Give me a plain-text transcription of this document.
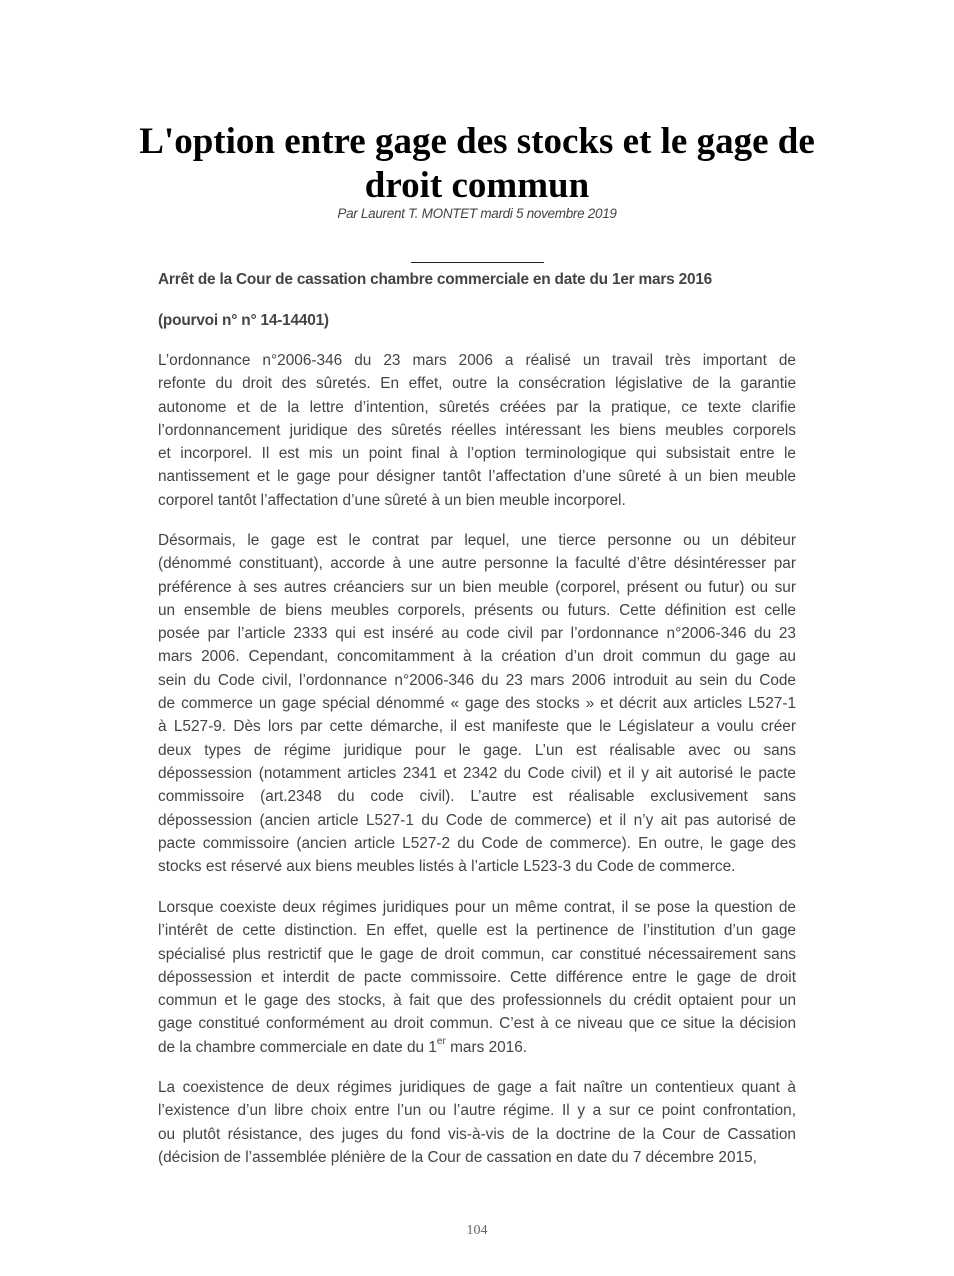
L'option entre gage des stocks et le gage de droit commun
Par Laurent T. MONTET mardi 5 novembre 2019
Arrêt de la Cour de cassation chambre commerciale en date du 1er mars 2016
(pourvoi n° n° 14-14401)
L’ordonnance n°2006-346 du 23 mars 2006 a réalisé un travail très important de
refonte du droit des sûretés. En effet, outre la consécration législative de la garantie
autonome et de la lettre d’intention, sûretés créées par la pratique, ce texte clarifie
l’ordonnancement juridique des sûretés réelles intéressant les biens meubles corporels
et incorporel. Il est mis un point final à l’option terminologique qui subsistait entre le
nantissement et le gage pour désigner tantôt l’affectation d’une sûreté à un bien meuble
corporel tantôt l’affectation d’une sûreté à un bien meuble incorporel.
Désormais, le gage est le contrat par lequel, une tierce personne ou un débiteur
(dénommé constituant), accorde à une autre personne la faculté d’être désintéresser par
préférence à ses autres créanciers sur un bien meuble (corporel, présent ou futur) ou sur
un ensemble de biens meubles corporels, présents ou futurs. Cette définition est celle
posée par l’article 2333 qui est inséré au code civil par l’ordonnance n°2006-346 du 23
mars 2006. Cependant, concomitamment à la création d’un droit commun du gage au
sein du Code civil, l’ordonnance n°2006-346 du 23 mars 2006 introduit au sein du Code
de commerce un gage spécial dénommé « gage des stocks » et décrit aux articles L527-1
à L527-9. Dès lors par cette démarche, il est manifeste que le Législateur a voulu créer
deux types de régime juridique pour le gage. L’un est réalisable avec ou sans
dépossession (notamment articles 2341 et 2342 du Code civil) et il y ait autorisé le pacte
commissoire (art.2348 du code civil). L’autre est réalisable exclusivement sans
dépossession (ancien article L527-1 du Code de commerce) et il n’y ait pas autorisé de
pacte commissoire (ancien article L527-2 du Code de commerce). En outre, le gage des
stocks est réservé aux biens meubles listés à l’article L523-3 du Code de commerce.
Lorsque coexiste deux régimes juridiques pour un même contrat, il se pose la question de
l’intérêt de cette distinction. En effet, quelle est la pertinence de l’institution d’un gage
spécialisé plus restrictif que le gage de droit commun, car constitué nécessairement sans
dépossession et interdit de pacte commissoire. Cette différence entre le gage de droit
commun et le gage des stocks, à fait que des professionnels du crédit optaient pour un
gage constitué conformément au droit commun. C’est à ce niveau que ce situe la décision
de la chambre commerciale en date du 1er mars 2016.
La coexistence de deux régimes juridiques de gage a fait naître un contentieux quant à
l’existence d’un libre choix entre l’un ou l’autre régime. Il y a sur ce point confrontation,
ou plutôt résistance, des juges du fond vis-à-vis de la doctrine de la Cour de Cassation
(décision de l’assemblée plénière de la Cour de cassation en date du 7 décembre 2015,
104
